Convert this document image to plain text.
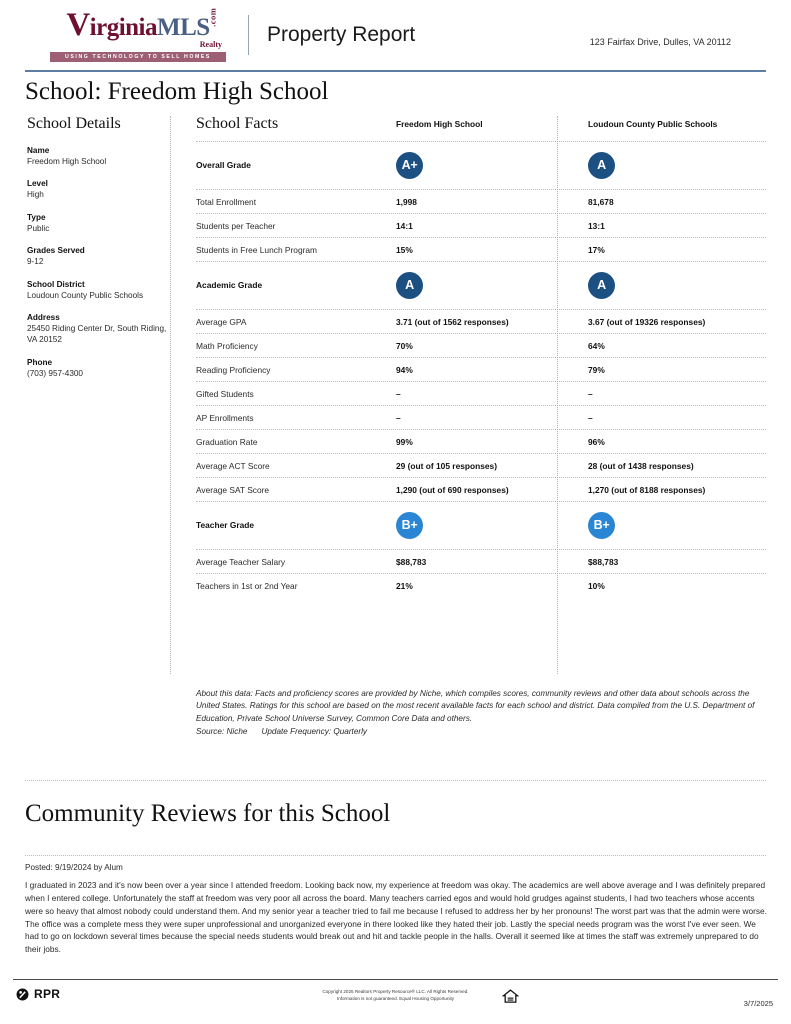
VirginiaMLS
.com
Realty
USING TECHNOLOGY TO SELL HOMES
Property Report	123 Fairfax Drive, Dulles, VA 20112
School: Freedom High School
School Details
Name
Freedom High School
Level
High
Type
Public
Grades Served
9-12
School District
Loudoun County Public Schools
Address
25450 Riding Center Dr, South Riding, VA 20152
Phone
(703) 957-4300
School Facts	Freedom High School	Loudoun County Public Schools
Overall Grade	A+	A
Total Enrollment	1,998	81,678
Students per Teacher	14:1	13:1
Students in Free Lunch Program	15%	17%
Academic Grade	A	A
Average GPA	3.71 (out of 1562 responses)	3.67 (out of 19326 responses)
Math Proficiency	70%	64%
Reading Proficiency	94%	79%
Gifted Students	–	–
AP Enrollments	–	–
Graduation Rate	99%	96%
Average ACT Score	29 (out of 105 responses)	28 (out of 1438 responses)
Average SAT Score	1,290 (out of 690 responses)	1,270 (out of 8188 responses)
Teacher Grade	B+	B+
Average Teacher Salary	$88,783	$88,783
Teachers in 1st or 2nd Year	21%	10%
About this data: Facts and proficiency scores are provided by Niche, which compiles scores, community reviews and other data about schools across the United States. Ratings for this school are based on the most recent available facts for each school and district. Data compiled from the U.S. Department of Education, Private School Universe Survey, Common Core Data and others.
Source: Niche Update Frequency: Quarterly
Community Reviews for this School
Posted: 9/19/2024 by Alum
I graduated in 2023 and it's now been over a year since I attended freedom. Looking back now, my experience at freedom was okay. The academics are well above average and I was definitely prepared when I entered college. Unfortunately the staff at freedom was very poor all across the board. Many teachers carried egos and would hold grudges against students, I had two teachers whose accents were so heavy that almost nobody could understand them. And my senior year a teacher tried to fail me because I refused to address her by her pronouns! The worst part was that the admin were worse. The office was a complete mess they were super unprofessional and unorganized everyone in there looked like they hated their job. Lastly the special needs program was the worst I've ever seen. We had to go on lockdown several times because the special needs students would break out and hit and tackle people in the halls. Overall it seemed like at times the staff was extremely unprepared to do their jobs.
RPR	Copyright 2025 Realtors Property Resource® LLC. All Rights Reserved.
Information is not guaranteed. Equal Housing Opportunity
3/7/2025
